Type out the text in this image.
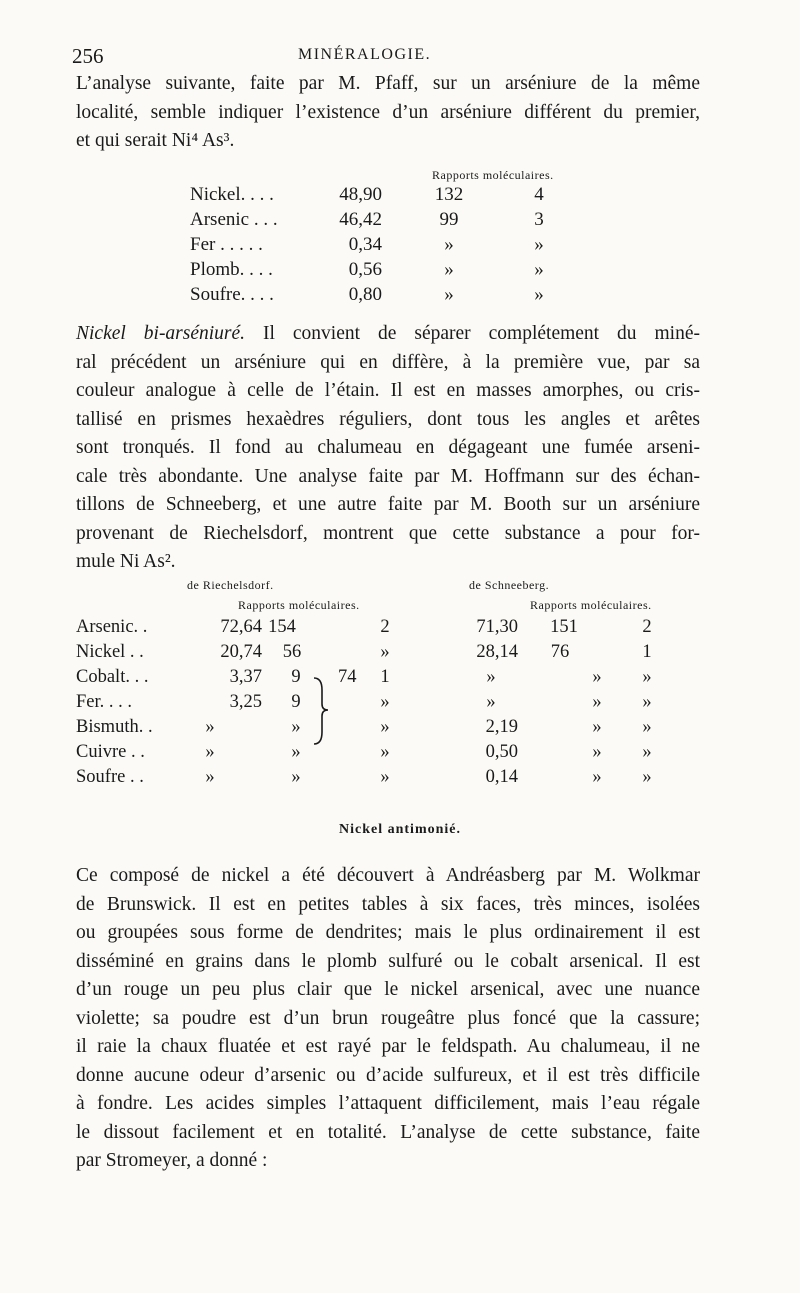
256	MINÉRALOGIE.
L’analyse suivante, faite par M. Pfaff, sur un arséniure de la même
localité, semble indiquer l’existence d’un arséniure différent du premier,
et qui serait Ni⁴ As³.
Rapports moléculaires.
Nickel. . . .	48,90	132	4
Arsenic . . .	46,42	99	3
Fer . . . . .	0,34	»	»
Plomb. . . .	0,56	»	»
Soufre. . . .	0,80	»	»
Nickel bi-arséniuré. Il convient de séparer complétement du miné-
ral précédent un arséniure qui en diffère, à la première vue, par sa
couleur analogue à celle de l’étain. Il est en masses amorphes, ou cris-
tallisé en prismes hexaèdres réguliers, dont tous les angles et arêtes
sont tronqués. Il fond au chalumeau en dégageant une fumée arseni-
cale très abondante. Une analyse faite par M. Hoffmann sur des échan-
tillons de Schneeberg, et une autre faite par M. Booth sur un arséniure
provenant de Riechelsdorf, montrent que cette substance a pour for-
mule Ni As².
de Riechelsdorf.	de Schneeberg.
Rapports moléculaires.	Rapports moléculaires.
Arsenic. .	72,64 154	2	71,30	151	2
Nickel . .	20,74	56	»	28,14	76	1
Cobalt. . .	3,37	9	1	»	»	»
Fer. . . .	3,25	9	»	»	»	»
Bismuth. .	»	»	»	2,19	»	»
Cuivre . .	»	»	»	0,50	»	»
Soufre . .	»	»	»	0,14	»	»
74
Nickel antimonié.
Ce composé de nickel a été découvert à Andréasberg par M. Wolkmar
de Brunswick. Il est en petites tables à six faces, très minces, isolées
ou groupées sous forme de dendrites; mais le plus ordinairement il est
disséminé en grains dans le plomb sulfuré ou le cobalt arsenical. Il est
d’un rouge un peu plus clair que le nickel arsenical, avec une nuance
violette; sa poudre est d’un brun rougeâtre plus foncé que la cassure;
il raie la chaux fluatée et est rayé par le feldspath. Au chalumeau, il ne
donne aucune odeur d’arsenic ou d’acide sulfureux, et il est très difficile
à fondre. Les acides simples l’attaquent difficilement, mais l’eau régale
le dissout facilement et en totalité. L’analyse de cette substance, faite
par Stromeyer, a donné :
